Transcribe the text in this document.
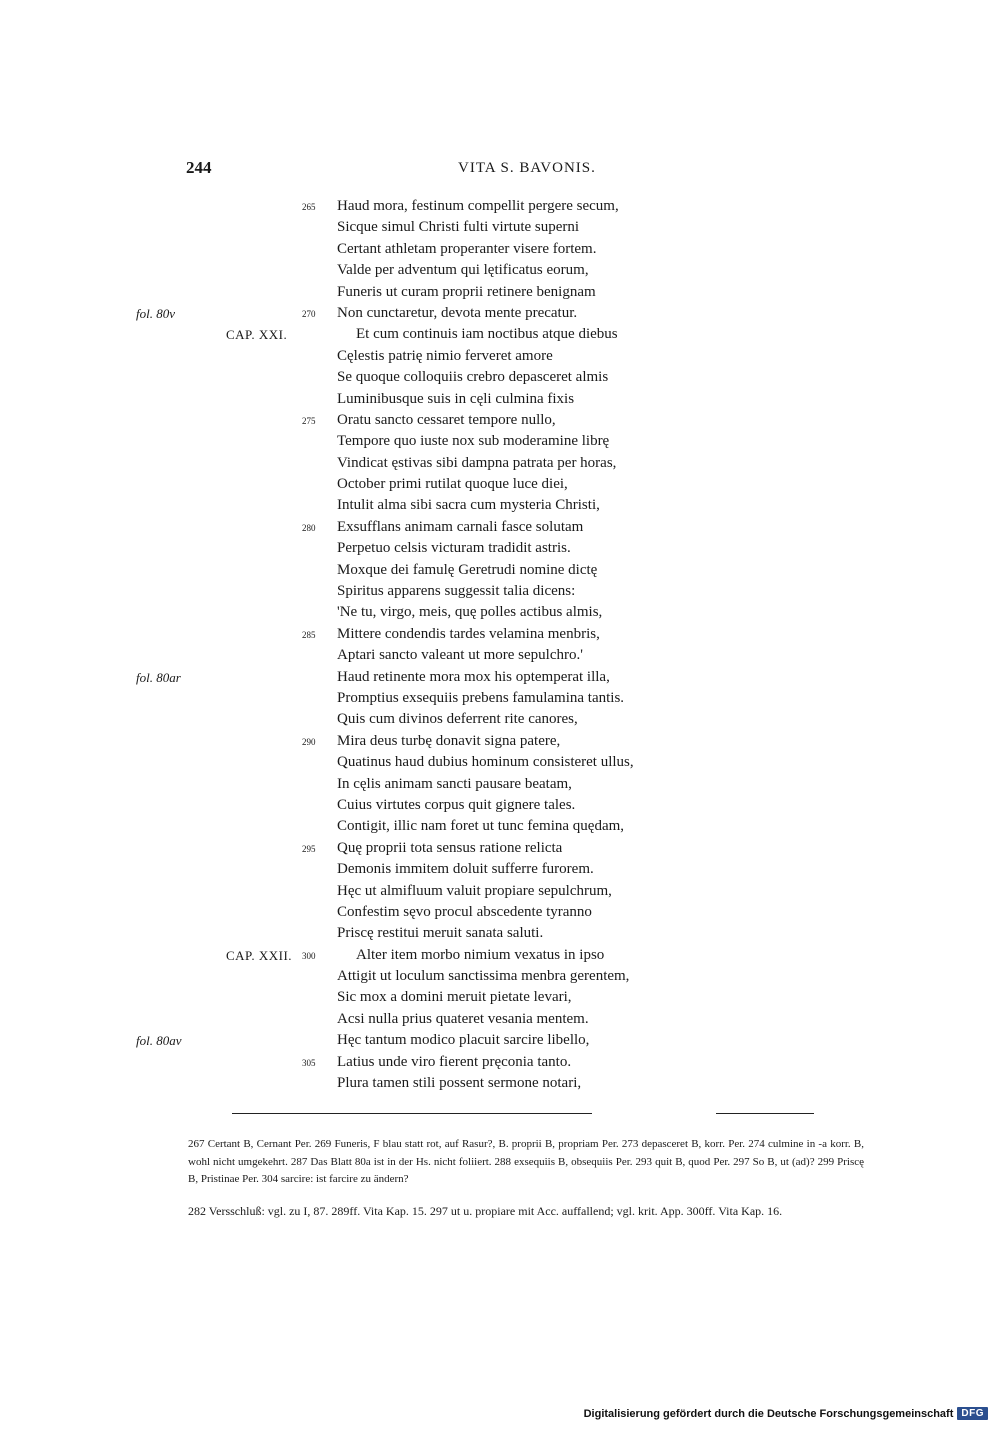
244	VITA S. BAVONIS.
265 Haud mora, festinum compellit pergere secum,
Sicque simul Christi fulti virtute superni
Certant athletam properanter visere fortem.
Valde per adventum qui lętificatus eorum,
Funeris ut curam proprii retinere benignam
fol. 80v	270 Non cunctaretur, devota mente precatur.
CAP. XXI.	Et cum continuis iam noctibus atque diebus
Cęlestis patrię nimio ferveret amore
Se quoque colloquiis crebro depasceret almis
Luminibusque suis in cęli culmina fixis
275 Oratu sancto cessaret tempore nullo,
Tempore quo iuste nox sub moderamine librę
Vindicat ęstivas sibi dampna patrata per horas,
October primi rutilat quoque luce diei,
Intulit alma sibi sacra cum mysteria Christi,
280 Exsufflans animam carnali fasce solutam
Perpetuo celsis victuram tradidit astris.
Moxque dei famulę Geretrudi nomine dictę
Spiritus apparens suggessit talia dicens:
'Ne tu, virgo, meis, quę polles actibus almis,
285 Mittere condendis tardes velamina menbris,
Aptari sancto valeant ut more sepulchro.'
fol. 80ar	Haud retinente mora mox his optemperat illa,
Promptius exsequiis prebens famulamina tantis.
Quis cum divinos deferrent rite canores,
290 Mira deus turbę donavit signa patere,
Quatinus haud dubius hominum consisteret ullus,
In cęlis animam sancti pausare beatam,
Cuius virtutes corpus quit gignere tales.
Contigit, illic nam foret ut tunc femina quędam,
295 Quę proprii tota sensus ratione relicta
Demonis immitem doluit sufferre furorem.
Hęc ut almifluum valuit propiare sepulchrum,
Confestim sęvo procul abscedente tyranno
Priscę restitui meruit sanata saluti.
CAP. XXII. 300	Alter item morbo nimium vexatus in ipso
Attigit ut loculum sanctissima menbra gerentem,
Sic mox a domini meruit pietate levari,
Acsi nulla prius quateret vesania mentem.
fol. 80av	Hęc tantum modico placuit sarcire libello,
305 Latius unde viro fierent pręconia tanto.
Plura tamen stili possent sermone notari,

267 Certant B, Cernant Per. 269 Funeris, F blau statt rot, auf Rasur?, B. proprii B, propriam Per. 273 depasceret B, korr. Per. 274 culmine in -a korr. B, wohl nicht umgekehrt. 287 Das Blatt 80a ist in der Hs. nicht foliiert. 288 exsequiis B, obsequiis Per. 293 quit B, quod Per. 297 So B, ut (ad)? 299 Priscę B, Pristinae Per. 304 sarcire: ist farcire zu ändern?

282 Versschluß: vgl. zu I, 87. 289ff. Vita Kap. 15. 297 ut u. propiare mit Acc. auffallend; vgl. krit. App. 300ff. Vita Kap. 16.

Digitalisierung gefördert durch die Deutsche Forschungsgemeinschaft DFG
